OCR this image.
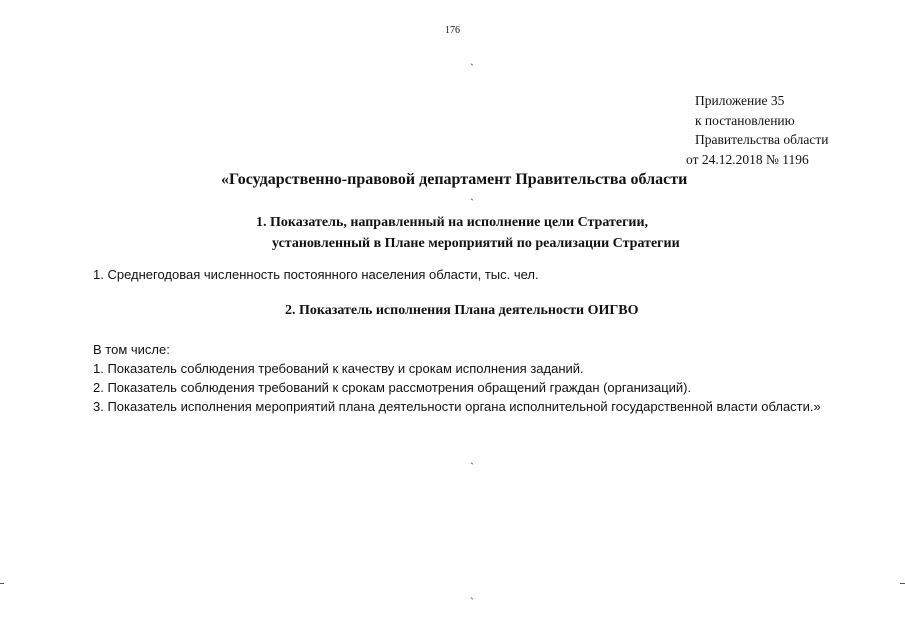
176
`
`
`
`
Приложение 35
к постановлению
Правительства области
от 24.12.2018 № 1196
«Государственно-правовой департамент Правительства области
1. Показатель, направленный на исполнение цели Стратегии,
установленный в Плане мероприятий по реализации Стратегии
1. Среднегодовая численность постоянного населения области, тыс. чел.
2. Показатель исполнения Плана деятельности ОИГВО
В том числе:
1. Показатель соблюдения требований к качеству и срокам исполнения заданий.
2. Показатель соблюдения требований к срокам рассмотрения обращений граждан (организаций).
3. Показатель исполнения мероприятий плана деятельности органа исполнительной государственной власти области.»
